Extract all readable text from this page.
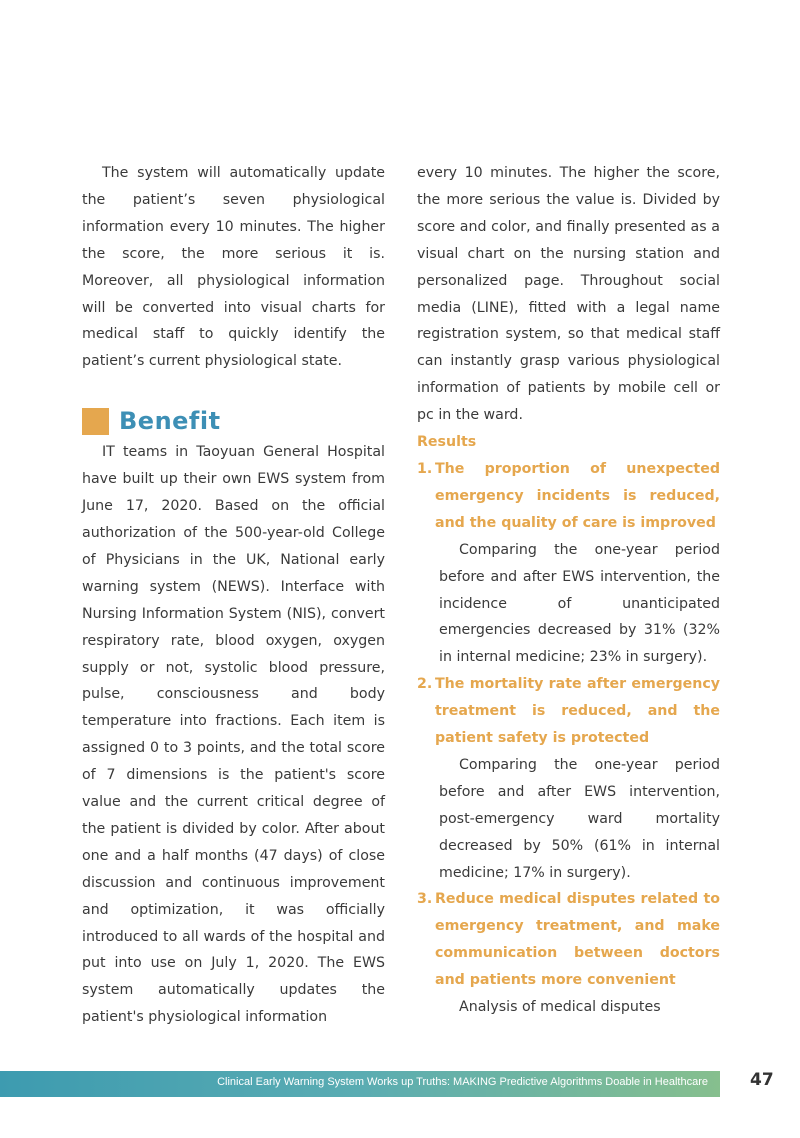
The system will automatically update the patient’s seven physiological information every 10 minutes. The higher the score, the more serious it is. Moreover, all physiological information will be converted into visual charts for medical staff to quickly identify the patient’s current physiological state.

Benefit

IT teams in Taoyuan General Hospital have built up their own EWS system from June 17, 2020. Based on the official authorization of the 500-year-old College of Physicians in the UK, National early warning system (NEWS). Interface with Nursing Information System (NIS), convert respiratory rate, blood oxygen, oxygen supply or not, systolic blood pressure, pulse, consciousness and body temperature into fractions. Each item is assigned 0 to 3 points, and the total score of 7 dimensions is the patient's score value and the current critical degree of the patient is divided by color. After about one and a half months (47 days) of close discussion and continuous improvement and optimization, it was officially introduced to all wards of the hospital and put into use on July 1, 2020. The EWS system automatically updates the patient's physiological information

every 10 minutes. The higher the score, the more serious the value is. Divided by score and color, and finally presented as a visual chart on the nursing station and personalized page. Throughout social media (LINE), fitted with a legal name registration system, so that medical staff can instantly grasp various physiological information of patients by mobile cell or pc in the ward.

Results
1. The proportion of unexpected emergency incidents is reduced, and the quality of care is improved

Comparing the one-year period before and after EWS intervention, the incidence of unanticipated emergencies decreased by 31% (32% in internal medicine; 23% in surgery).

2. The mortality rate after emergency treatment is reduced, and the patient safety is protected

Comparing the one-year period before and after EWS intervention, post-emergency ward mortality decreased by 50% (61% in internal medicine; 17% in surgery).

3. Reduce medical disputes related to emergency treatment, and make communication between doctors and patients more convenient

Analysis of medical disputes

Clinical Early Warning System Works up Truths: MAKING Predictive Algorithms Doable in Healthcare 47
